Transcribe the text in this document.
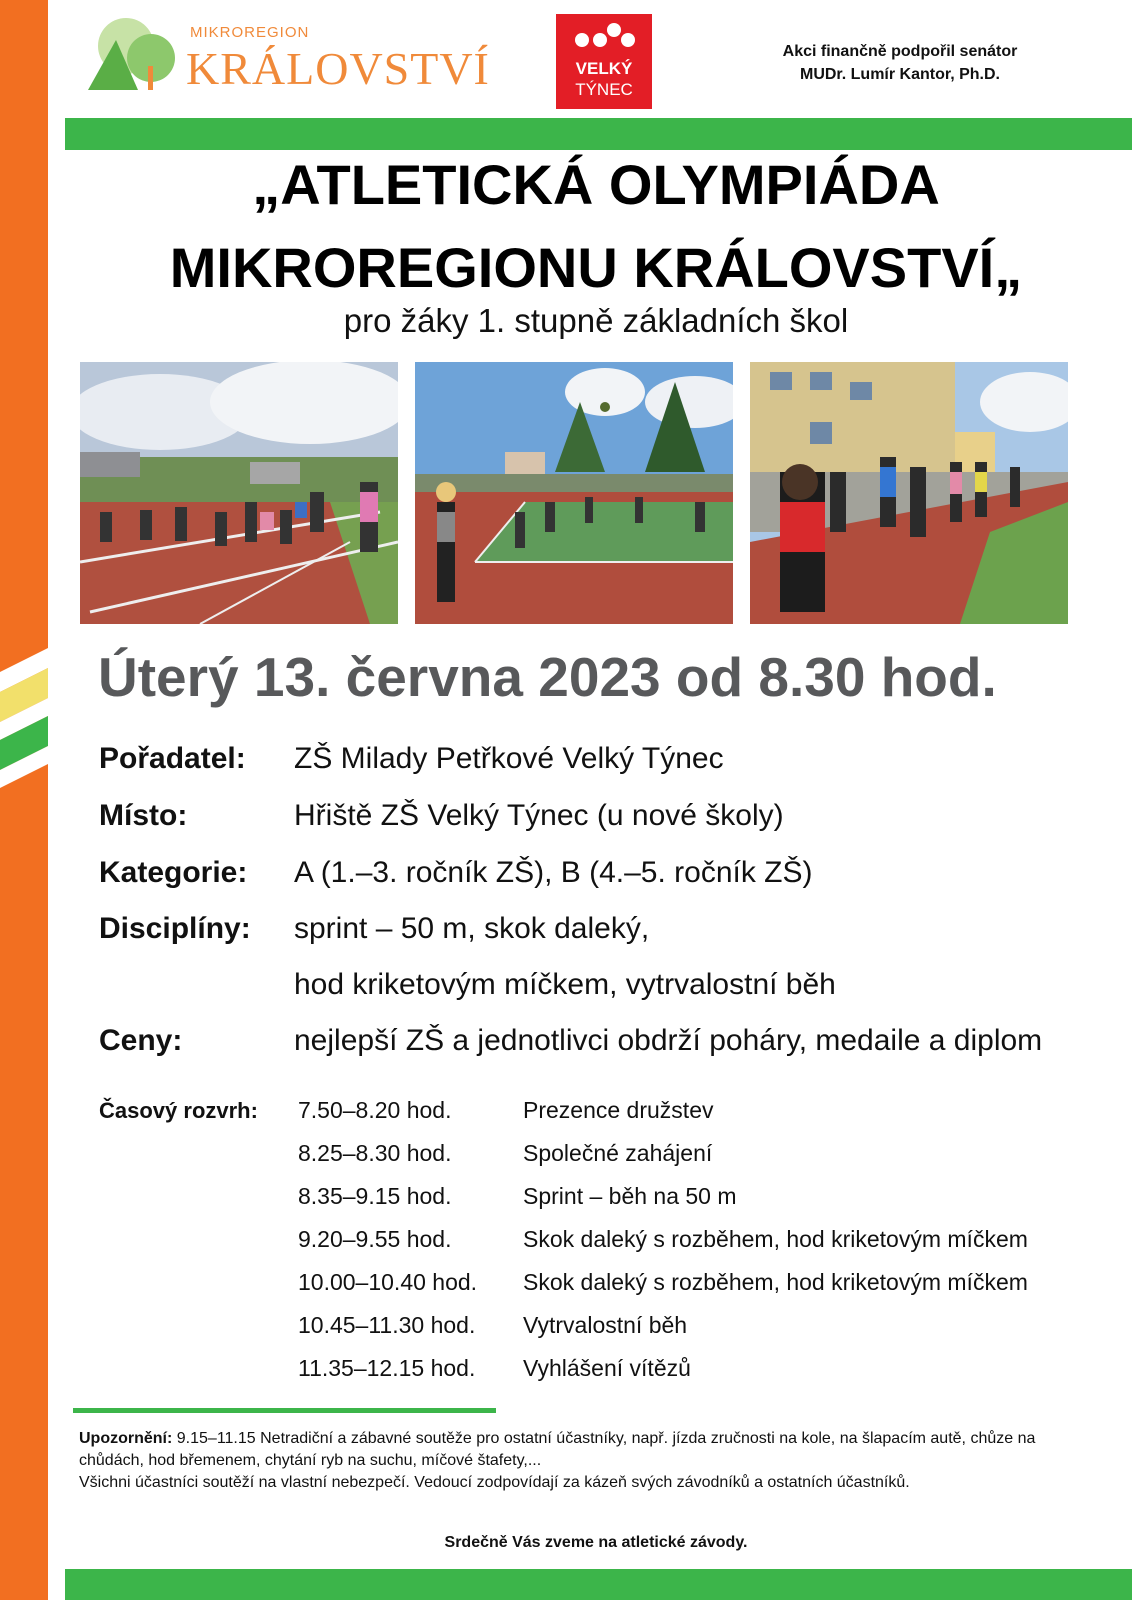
MIKROREGION
KRÁLOVSTVÍ	VELKÝ
TÝNEC
Akci finančně podpořil senátor
MUDr. Lumír Kantor, Ph.D.
„ATLETICKÁ OLYMPIÁDA
MIKROREGIONU KRÁLOVSTVÍ„
pro žáky 1. stupně základních škol
Úterý 13. června 2023 od 8.30 hod.
Pořadatel: ZŠ Milady Petřkové Velký Týnec
Místo:	Hřiště ZŠ Velký Týnec (u nové školy)
Kategorie: A (1.–3. ročník ZŠ), B (4.–5. ročník ZŠ)
Disciplíny: sprint – 50 m, skok daleký,
hod kriketovým míčkem, vytrvalostní běh
Ceny:	nejlepší ZŠ a jednotlivci obdrží poháry, medaile a diplom
Časový rozvrh: 7.50–8.20 hod.	Prezence družstev
8.25–8.30 hod.	Společné zahájení
8.35–9.15 hod.	Sprint – běh na 50 m
9.20–9.55 hod.	Skok daleký s rozběhem, hod kriketovým míčkem
10.00–10.40 hod. Skok daleký s rozběhem, hod kriketovým míčkem
10.45–11.30 hod. Vytrvalostní běh
11.35–12.15 hod. Vyhlášení vítězů
Upozornění: 9.15–11.15 Netradiční a zábavné soutěže pro ostatní účastníky, např. jízda zručnosti na kole, na šlapacím autě, chůze na chůdách, hod břemenem, chytání ryb na suchu, míčové štafety,...
Všichni účastníci soutěží na vlastní nebezpečí. Vedoucí zodpovídají za kázeň svých závodníků a ostatních účastníků.
Srdečně Vás zveme na atletické závody.
